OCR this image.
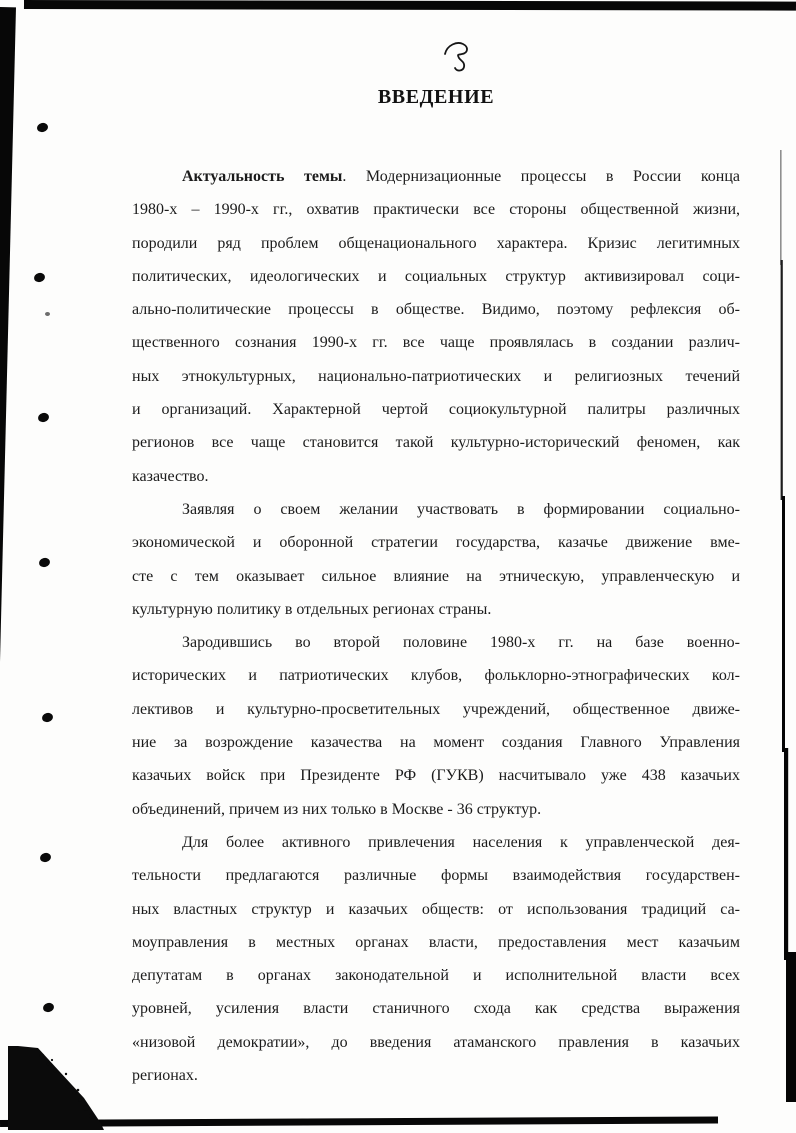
ВВЕДЕНИЕ
Актуальность темы. Модернизационные процессы в России конца
1980-х – 1990-х гг., охватив практически все стороны общественной жизни,
породили ряд проблем общенационального характера. Кризис легитимных
политических, идеологических и социальных структур активизировал соци-
ально-политические процессы в обществе. Видимо, поэтому рефлексия об-
щественного сознания 1990-х гг. все чаще проявлялась в создании различ-
ных этнокультурных, национально-патриотических и религиозных течений
и организаций. Характерной чертой социокультурной палитры различных
регионов все чаще становится такой культурно-исторический феномен, как
казачество.
Заявляя о своем желании участвовать в формировании социально-
экономической и оборонной стратегии государства, казачье движение вме-
сте с тем оказывает сильное влияние на этническую, управленческую и
культурную политику в отдельных регионах страны.
Зародившись во второй половине 1980-х гг. на базе военно-
исторических и патриотических клубов, фольклорно-этнографических кол-
лективов и культурно-просветительных учреждений, общественное движе-
ние за возрождение казачества на момент создания Главного Управления
казачьих войск при Президенте РФ (ГУКВ) насчитывало уже 438 казачьих
объединений, причем из них только в Москве - 36 структур.
Для более активного привлечения населения к управленческой дея-
тельности предлагаются различные формы взаимодействия государствен-
ных властных структур и казачьих обществ: от использования традиций са-
моуправления в местных органах власти, предоставления мест казачьим
депутатам в органах законодательной и исполнительной власти всех
уровней, усиления власти станичного схода как средства выражения
«низовой демократии», до введения атаманского правления в казачьих
регионах.
